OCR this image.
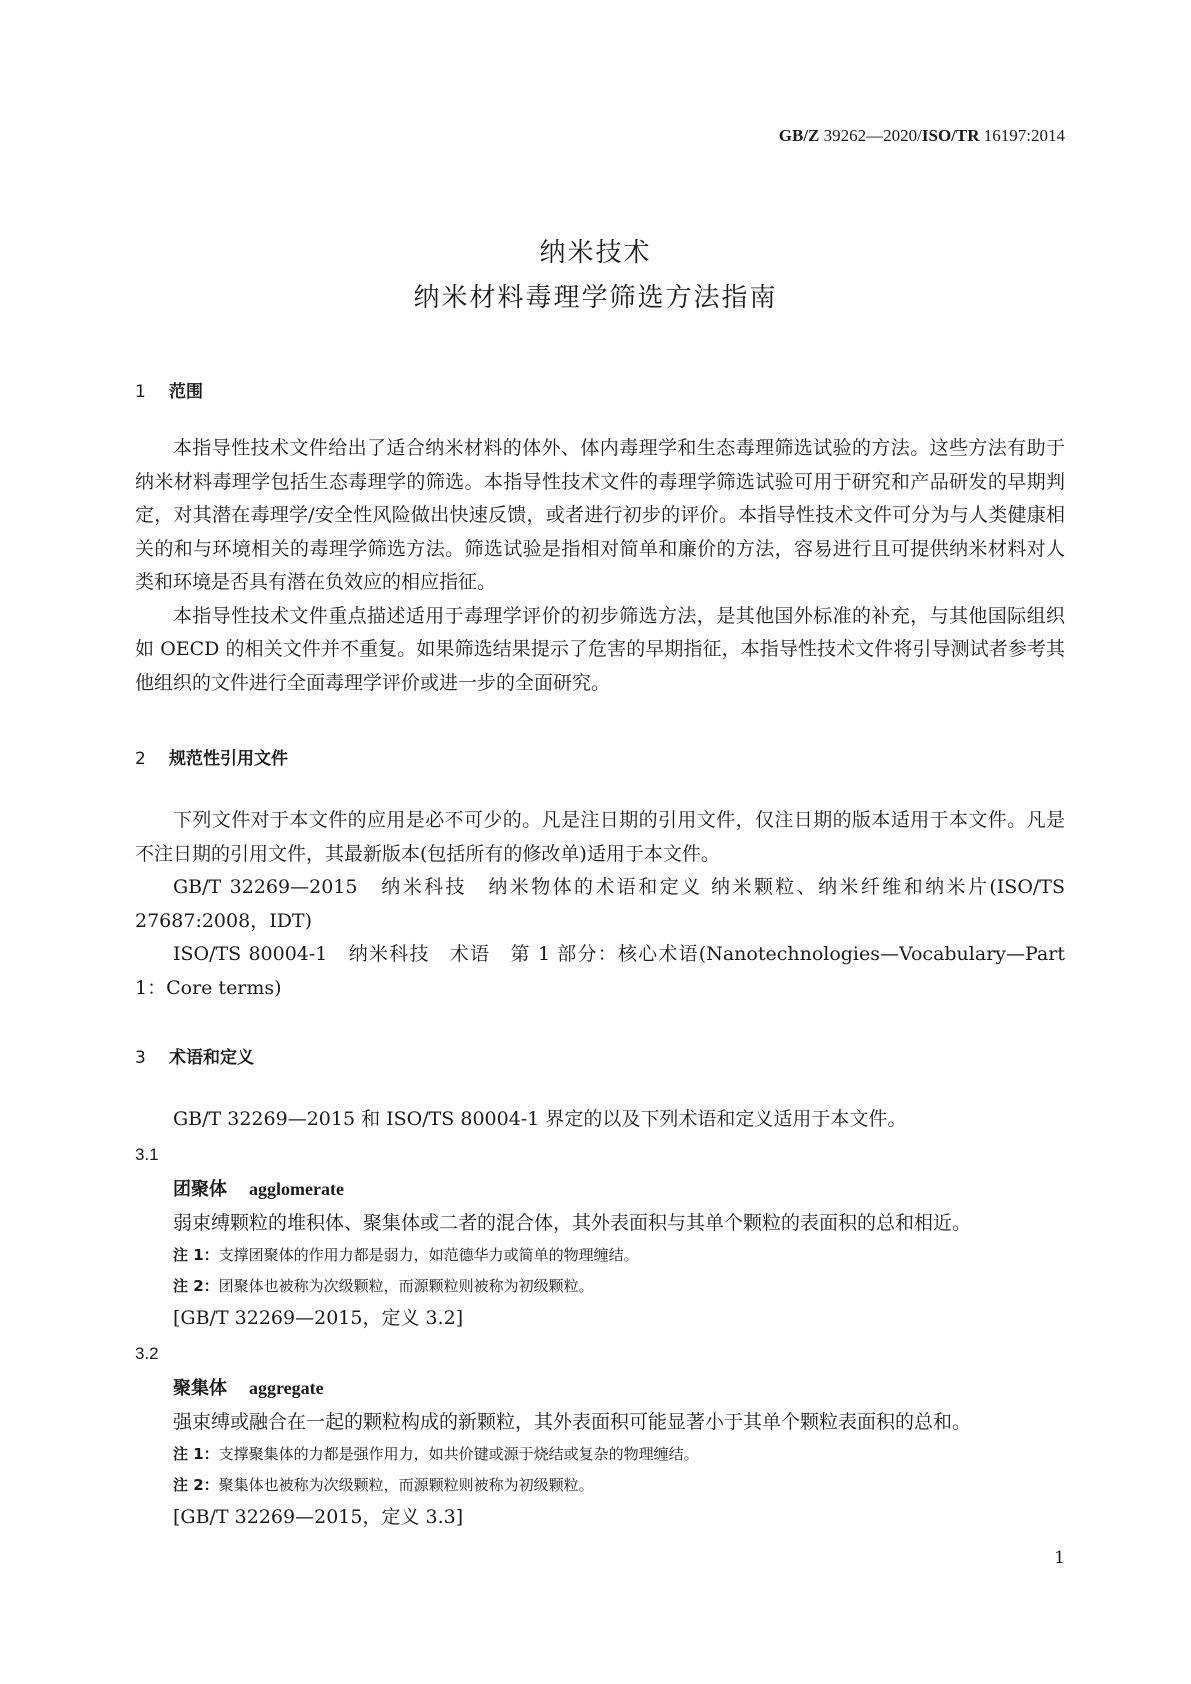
GB/Z 39262—2020/ISO/TR 16197:2014
纳米技术
纳米材料毒理学筛选方法指南
1 范围

本指导性技术文件给出了适合纳米材料的体外、体内毒理学和生态毒理筛选试验的方法。这些方法有助于纳米材料毒理学包括生态毒理学的筛选。本指导性技术文件的毒理学筛选试验可用于研究和产品研发的早期判定，对其潜在毒理学/安全性风险做出快速反馈，或者进行初步的评价。本指导性技术文件可分为与人类健康相关的和与环境相关的毒理学筛选方法。筛选试验是指相对简单和廉价的方法，容易进行且可提供纳米材料对人类和环境是否具有潜在负效应的相应指征。

本指导性技术文件重点描述适用于毒理学评价的初步筛选方法，是其他国外标准的补充，与其他国际组织如 OECD 的相关文件并不重复。如果筛选结果提示了危害的早期指征，本指导性技术文件将引导测试者参考其他组织的文件进行全面毒理学评价或进一步的全面研究。

2 规范性引用文件

下列文件对于本文件的应用是必不可少的。凡是注日期的引用文件，仅注日期的版本适用于本文件。凡是不注日期的引用文件，其最新版本(包括所有的修改单)适用于本文件。

GB/T 32269—2015　纳米科技　纳米物体的术语和定义 纳米颗粒、纳米纤维和纳米片(ISO/TS 27687:2008，IDT)

ISO/TS 80004-1　纳米科技　术语　第 1 部分：核心术语(Nanotechnologies—Vocabulary—Part 1：Core terms)

3 术语和定义

GB/T 32269—2015 和 ISO/TS 80004-1 界定的以及下列术语和定义适用于本文件。

3.1
团聚体 agglomerate

弱束缚颗粒的堆积体、聚集体或二者的混合体，其外表面积与其单个颗粒的表面积的总和相近。

注 1：支撑团聚体的作用力都是弱力，如范德华力或简单的物理缠结。
注 2：团聚体也被称为次级颗粒，而源颗粒则被称为初级颗粒。

[GB/T 32269—2015，定义 3.2]

3.2
聚集体 aggregate

强束缚或融合在一起的颗粒构成的新颗粒，其外表面积可能显著小于其单个颗粒表面积的总和。

注 1：支撑聚集体的力都是强作用力，如共价键或源于烧结或复杂的物理缠结。
注 2：聚集体也被称为次级颗粒，而源颗粒则被称为初级颗粒。

[GB/T 32269—2015，定义 3.3]

1
